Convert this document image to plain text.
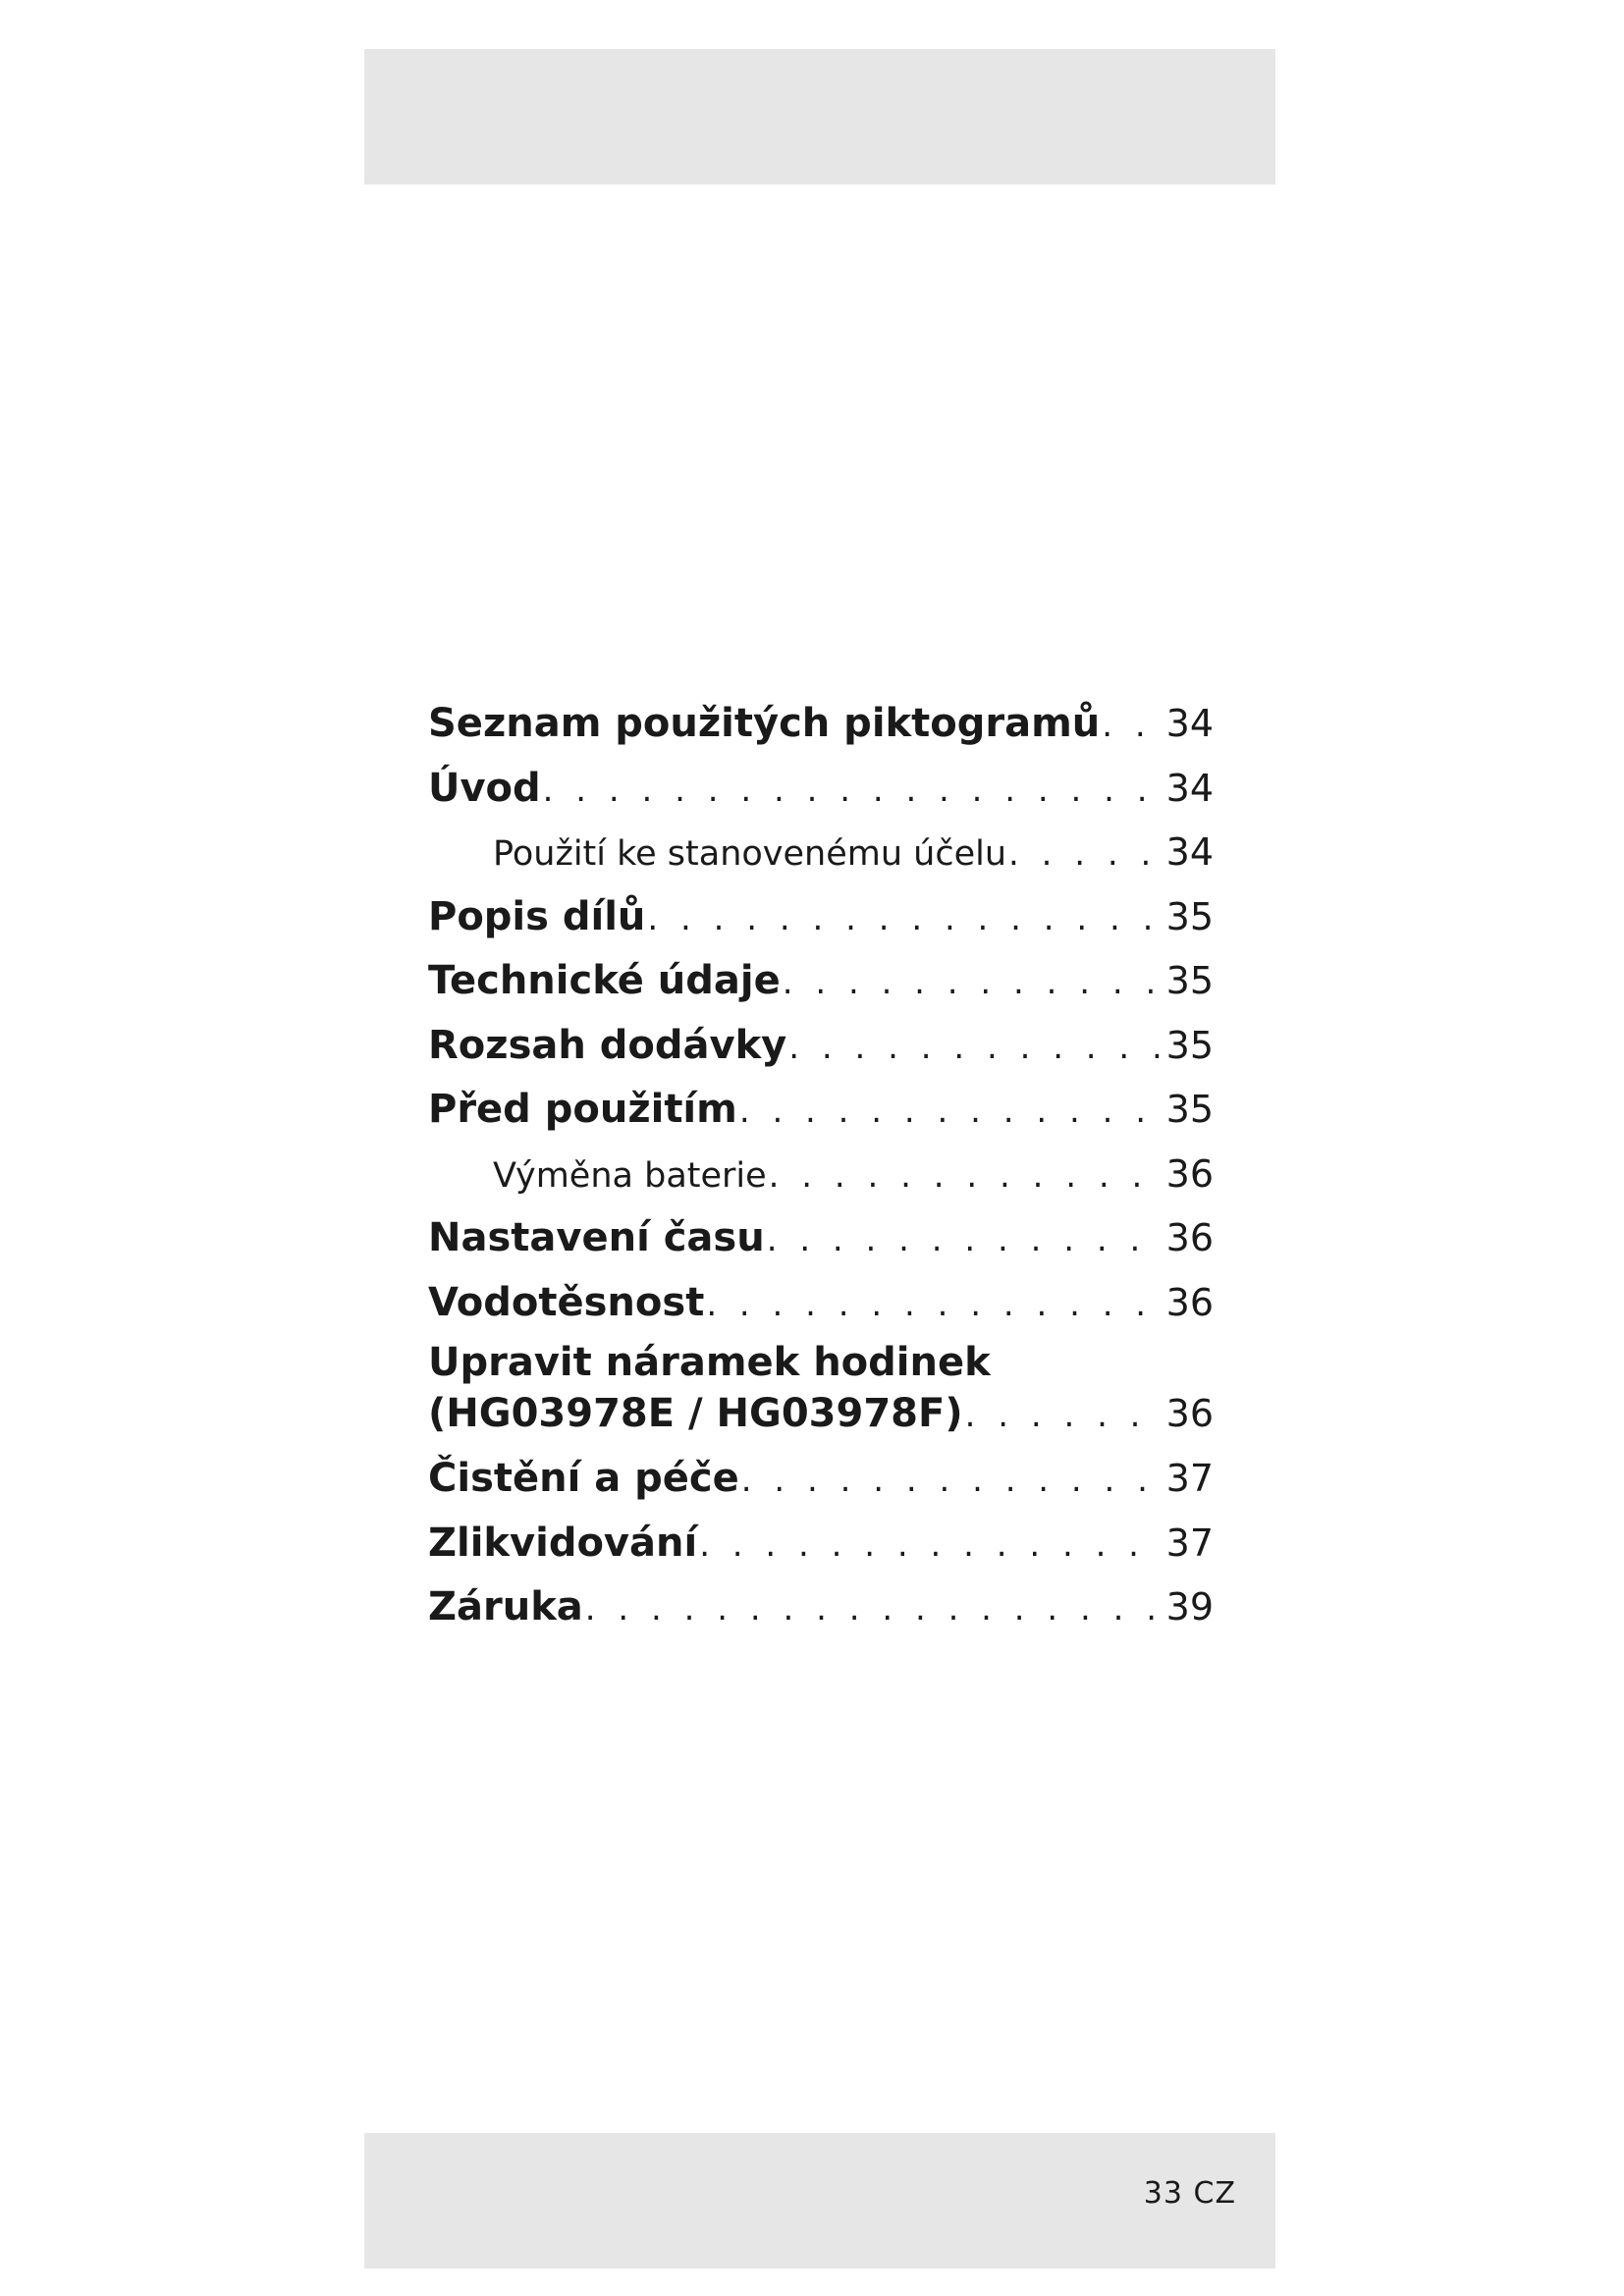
Seznam použitých piktogramů . . . 34
Úvod . . .	34
Použití ke stanovenému účelu . . .	34
Popis dílů . . .	35
Technické údaje . . .	35
Rozsah dodávky . . .	35
Před použitím . . .	35
Výměna baterie . . .	36
Nastavení času . . .	36
Vodotěsnost . . .	36
Upravit náramek hodinek
(HG03978E / HG03978F) . . .	36
Čistění a péče . . .	37
Zlikvidování . . .	37
Záruka . . .	39
33 CZ
